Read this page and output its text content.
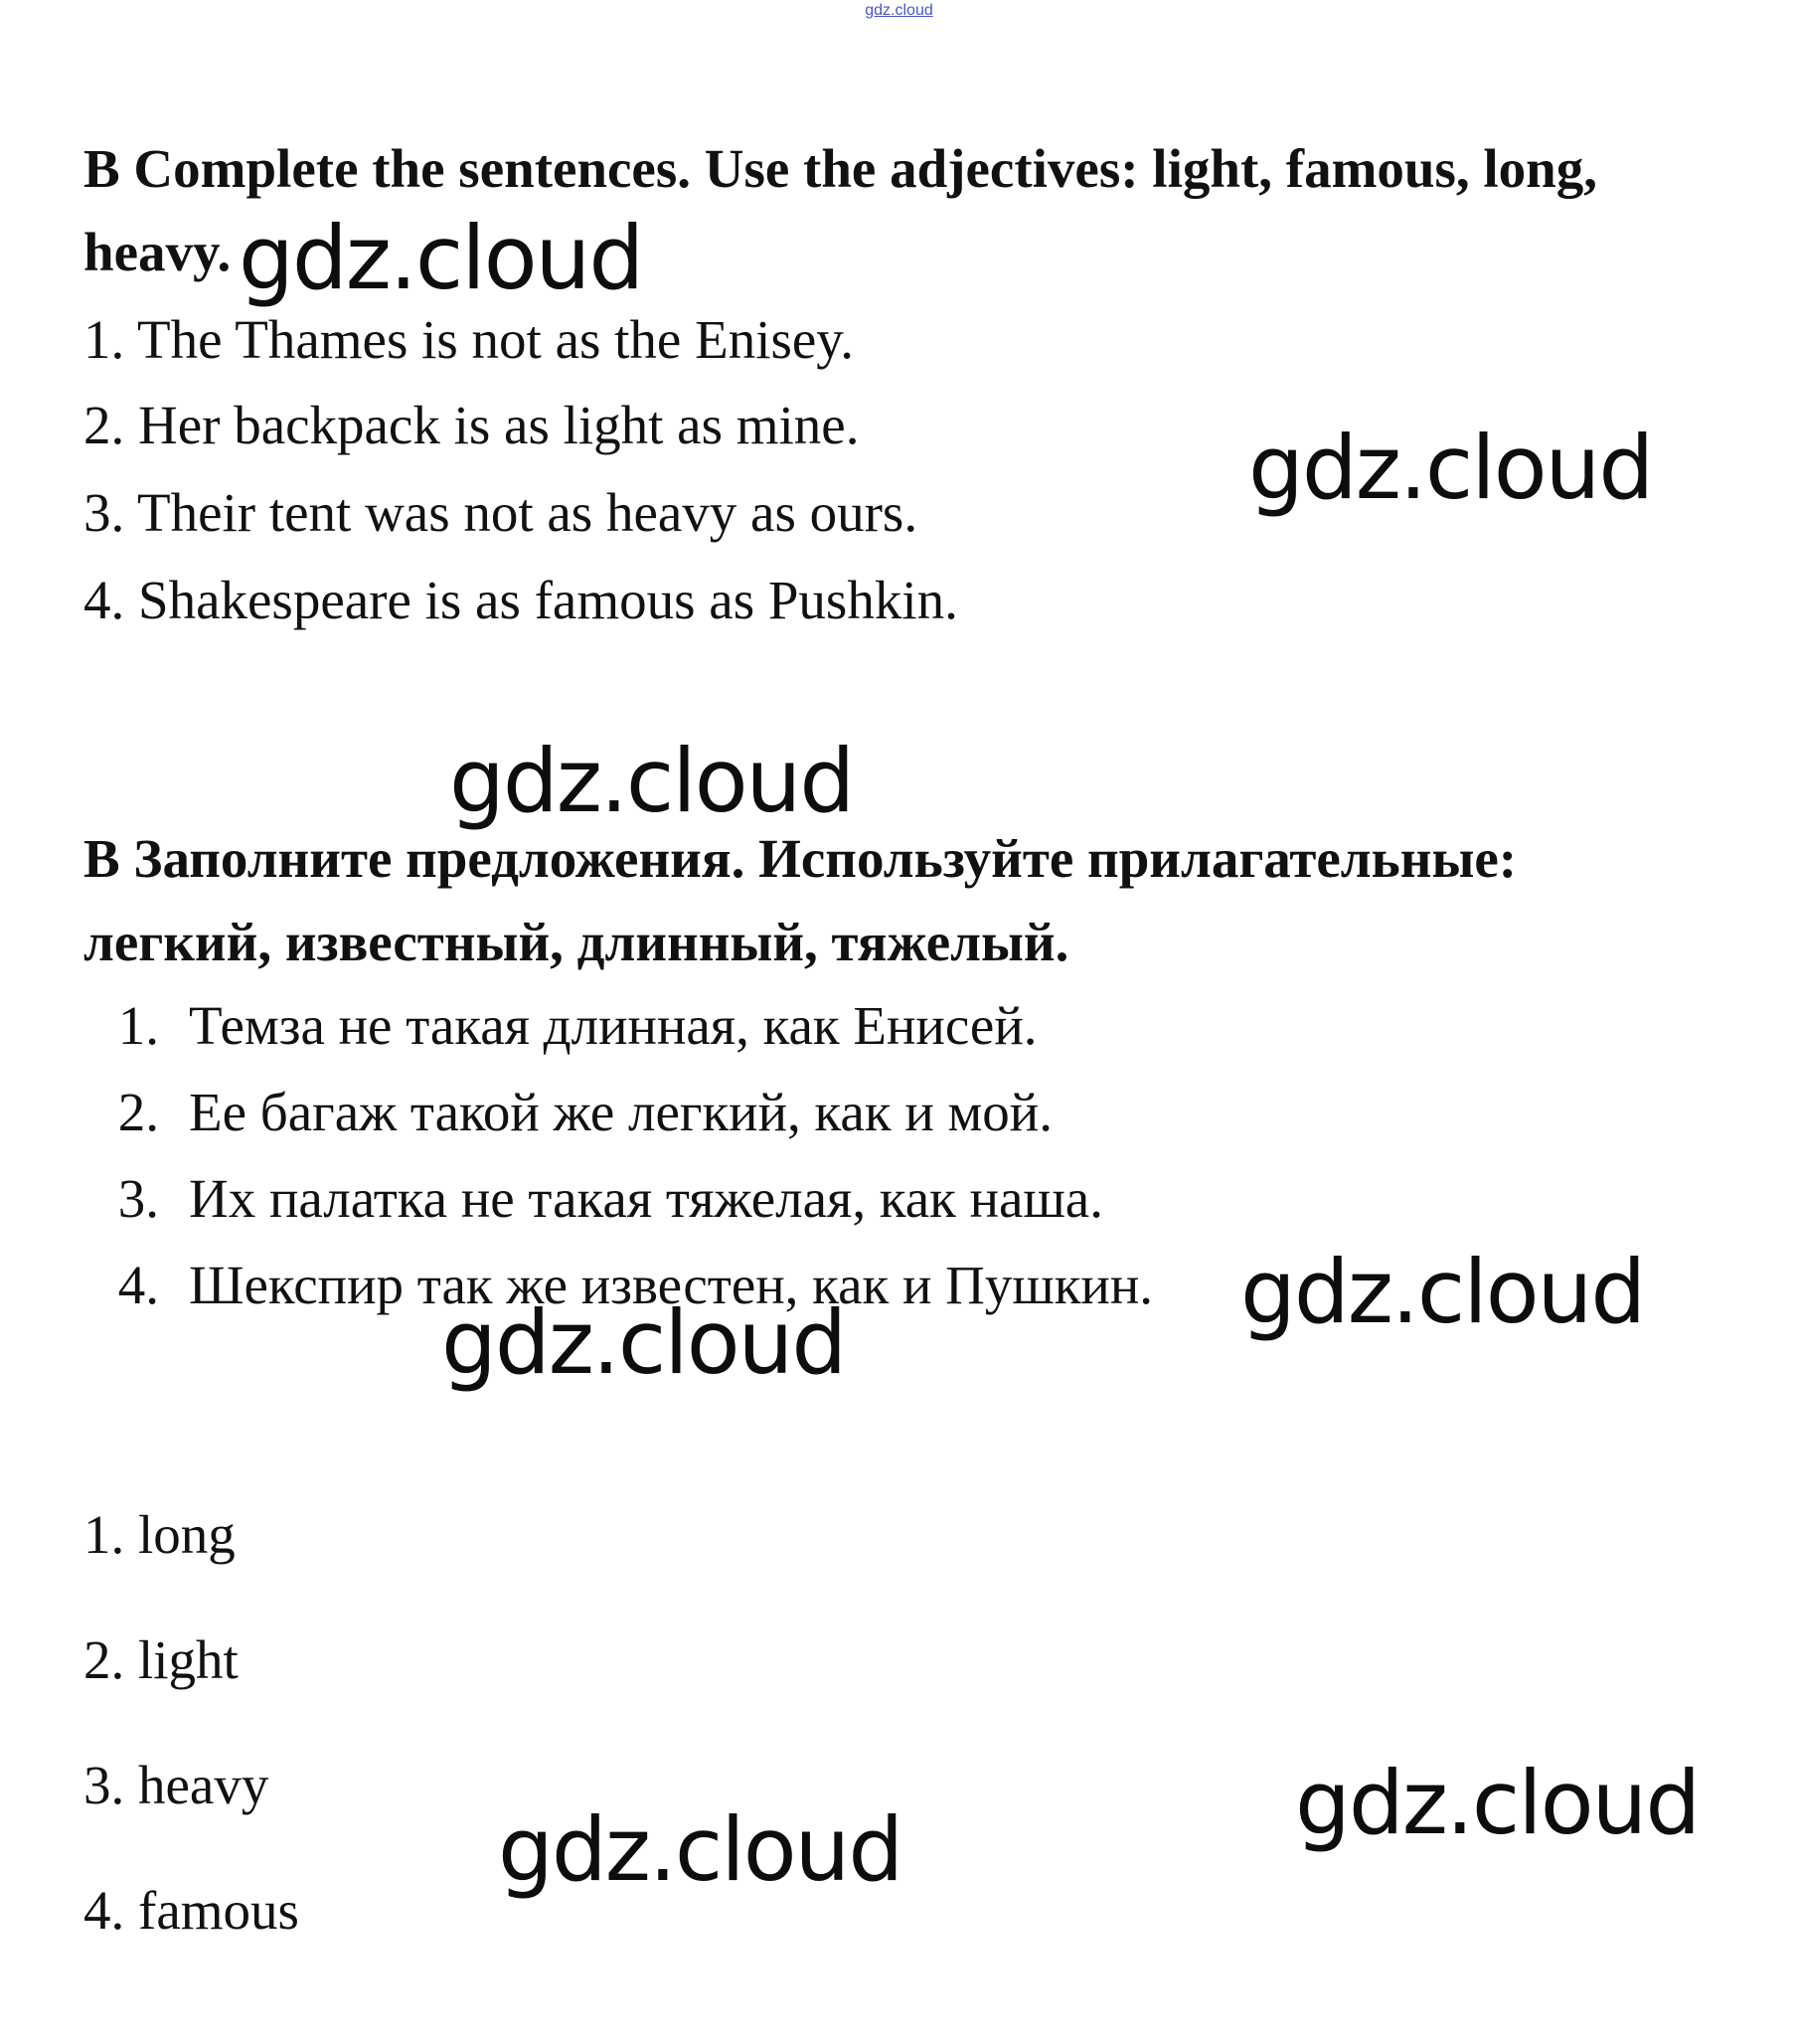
gdz.cloud
B Complete the sentences. Use the adjectives: light, famous, long,
heavy.
1. The Thames is not as the Enisey.
2. Her backpack is as light as mine.
3. Their tent was not as heavy as ours.
4. Shakespeare is as famous as Pushkin.
В Заполните предложения. Используйте прилагательные:
легкий, известный, длинный, тяжелый.
1. Темза не такая длинная, как Енисей.
2. Ее багаж такой же легкий, как и мой.
3. Их палатка не такая тяжелая, как наша.
4. Шекспир так же известен, как и Пушкин.
1. long
2. light
3. heavy
4. famous
gdz.cloud
gdz.cloud
gdz.cloud
gdz.cloud
gdz.cloud
gdz.cloud
gdz.cloud
